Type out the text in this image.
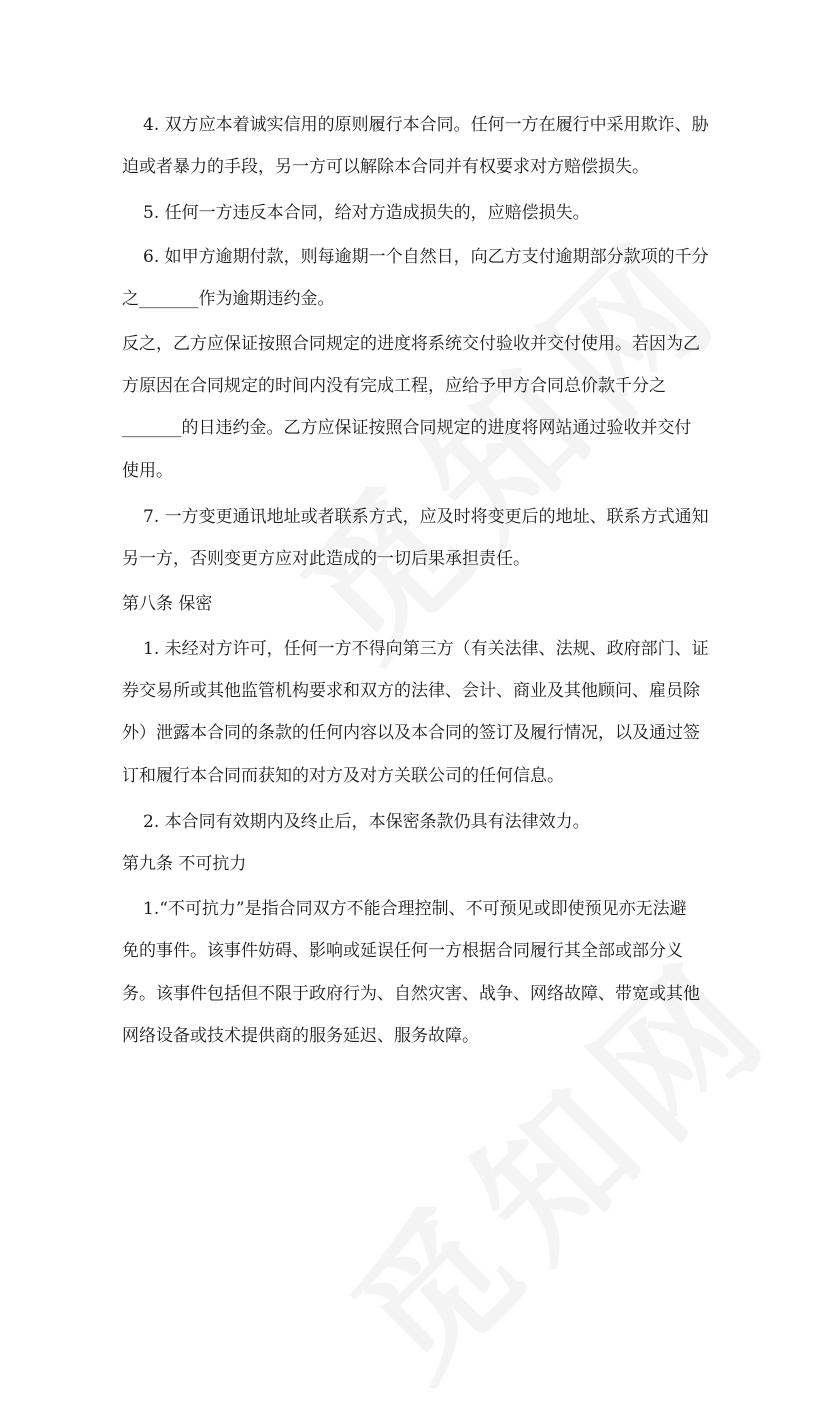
4. 双方应本着诚实信用的原则履行本合同。任何一方在履行中采用欺诈、胁
迫或者暴力的手段，另一方可以解除本合同并有权要求对方赔偿损失。
5. 任何一方违反本合同，给对方造成损失的，应赔偿损失。
6. 如甲方逾期付款，则每逾期一个自然日，向乙方支付逾期部分款项的千分
之_______作为逾期违约金。
反之，乙方应保证按照合同规定的进度将系统交付验收并交付使用。若因为乙
方原因在合同规定的时间内没有完成工程，应给予甲方合同总价款千分之
_______的日违约金。乙方应保证按照合同规定的进度将网站通过验收并交付
使用。
7. 一方变更通讯地址或者联系方式，应及时将变更后的地址、联系方式通知
另一方，否则变更方应对此造成的一切后果承担责任。
第八条 保密
1. 未经对方许可，任何一方不得向第三方（有关法律、法规、政府部门、证
券交易所或其他监管机构要求和双方的法律、会计、商业及其他顾问、雇员除
外）泄露本合同的条款的任何内容以及本合同的签订及履行情况，以及通过签
订和履行本合同而获知的对方及对方关联公司的任何信息。
2. 本合同有效期内及终止后，本保密条款仍具有法律效力。
第九条 不可抗力
1.“不可抗力”是指合同双方不能合理控制、不可预见或即使预见亦无法避
免的事件。该事件妨碍、影响或延误任何一方根据合同履行其全部或部分义
务。该事件包括但不限于政府行为、自然灾害、战争、网络故障、带宽或其他
网络设备或技术提供商的服务延迟、服务故障。
